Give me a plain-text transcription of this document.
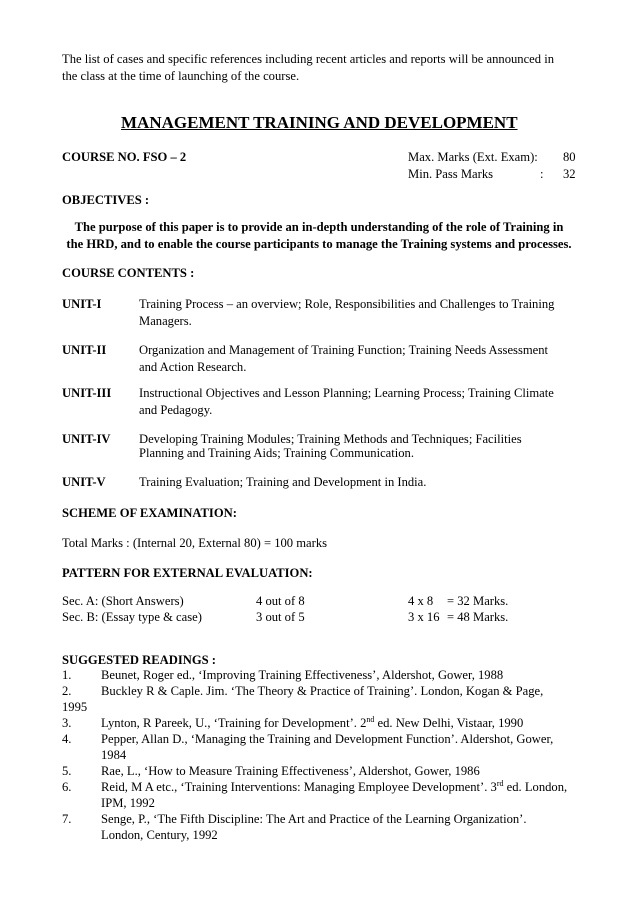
The list of cases and specific references including recent articles and reports will be announced in
the class at the time of launching of the course.
MANAGEMENT TRAINING AND DEVELOPMENT
COURSE NO. FSO – 2	Max. Marks (Ext. Exam): 80
Min. Pass Marks	: 32
OBJECTIVES :
The purpose of this paper is to provide an in-depth understanding of the role of Training in
the HRD, and to enable the course participants to manage the Training systems and processes.
COURSE CONTENTS :
UNIT-I	Training Process – an overview; Role, Responsibilities and Challenges to Training
Managers.
UNIT-II	Organization and Management of Training Function; Training Needs Assessment
and Action Research.
UNIT-III Instructional Objectives and Lesson Planning; Learning Process; Training Climate
and Pedagogy.
UNIT-IV Developing Training Modules; Training Methods and Techniques; Facilities
Planning and Training Aids; Training Communication.
UNIT-V	Training Evaluation; Training and Development in India.
SCHEME OF EXAMINATION:
Total Marks : (Internal 20, External 80) = 100 marks
PATTERN FOR EXTERNAL EVALUATION:
Sec. A: (Short Answers)	4 out of 8	4 x 8 = 32 Marks.
Sec. B: (Essay type & case)	3 out of 5	3 x 16 = 48 Marks.
SUGGESTED READINGS :
1. Beunet, Roger ed., ‘Improving Training Effectiveness’, Aldershot, Gower, 1988
2. Buckley R & Caple. Jim. ‘The Theory & Practice of Training’. London, Kogan & Page,
1995
3. Lynton, R Pareek, U., ‘Training for Development’. 2nd ed. New Delhi, Vistaar, 1990
4. Pepper, Allan D., ‘Managing the Training and Development Function’. Aldershot, Gower,
1984
5. Rae, L., ‘How to Measure Training Effectiveness’, Aldershot, Gower, 1986
6. Reid, M A etc., ‘Training Interventions: Managing Employee Development’. 3rd ed. London,
IPM, 1992
7. Senge, P., ‘The Fifth Discipline: The Art and Practice of the Learning Organization’.
London, Century, 1992
